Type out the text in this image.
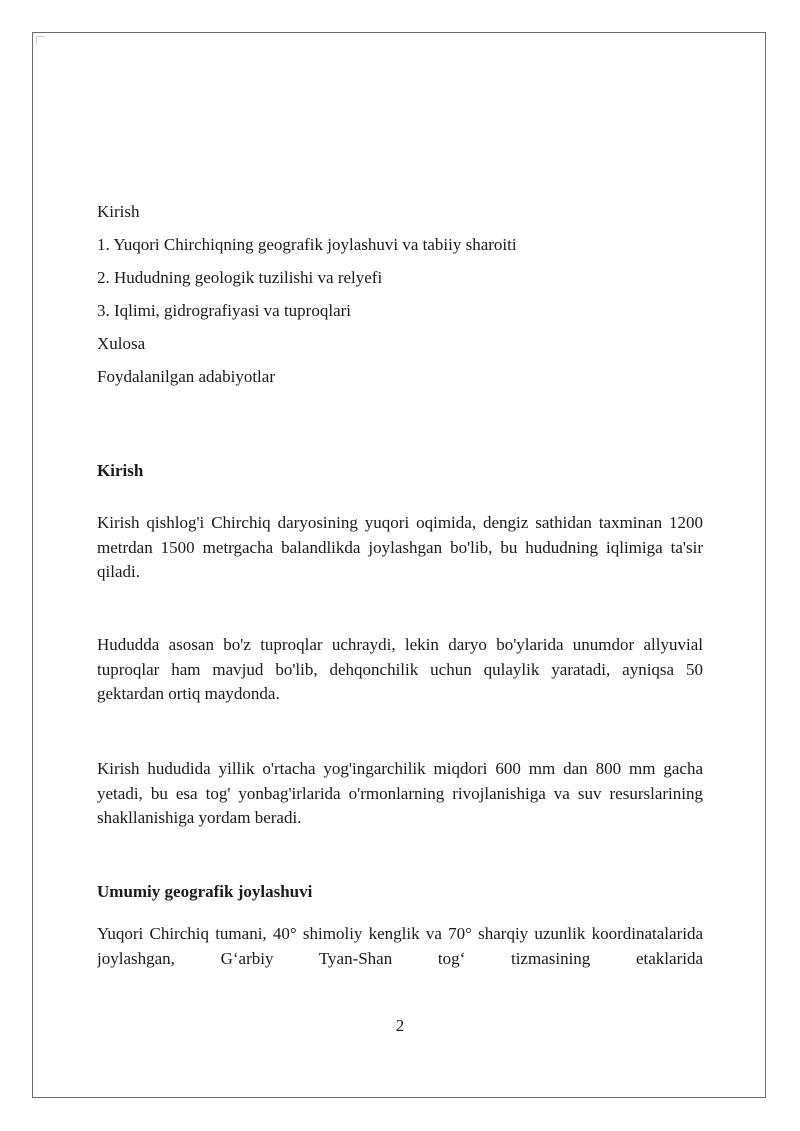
Kirish
1. Yuqori Chirchiqning geografik joylashuvi va tabiiy sharoiti
2. Hududning geologik tuzilishi va relyefi
3. Iqlimi, gidrografiyasi va tuproqlari
Xulosa
Foydalanilgan adabiyotlar
Kirish
Kirish qishlog'i Chirchiq daryosining yuqori oqimida, dengiz sathidan taxminan 1200 metrdan 1500 metrgacha balandlikda joylashgan bo'lib, bu hududning iqlimiga ta'sir qiladi.
Hududda asosan bo'z tuproqlar uchraydi, lekin daryo bo'ylarida unumdor allyuvial tuproqlar ham mavjud bo'lib, dehqonchilik uchun qulaylik yaratadi, ayniqsa 50 gektardan ortiq maydonda.
Kirish hududida yillik o'rtacha yog'ingarchilik miqdori 600 mm dan 800 mm gacha yetadi, bu esa tog' yonbag'irlarida o'rmonlarning rivojlanishiga va suv resurslarining shakllanishiga yordam beradi.
Umumiy geografik joylashuvi
Yuqori Chirchiq tumani, 40° shimoliy kenglik va 70° sharqiy uzunlik koordinatalarida joylashgan, G‘arbiy Tyan-Shan tog‘ tizmasining etaklarida
2
